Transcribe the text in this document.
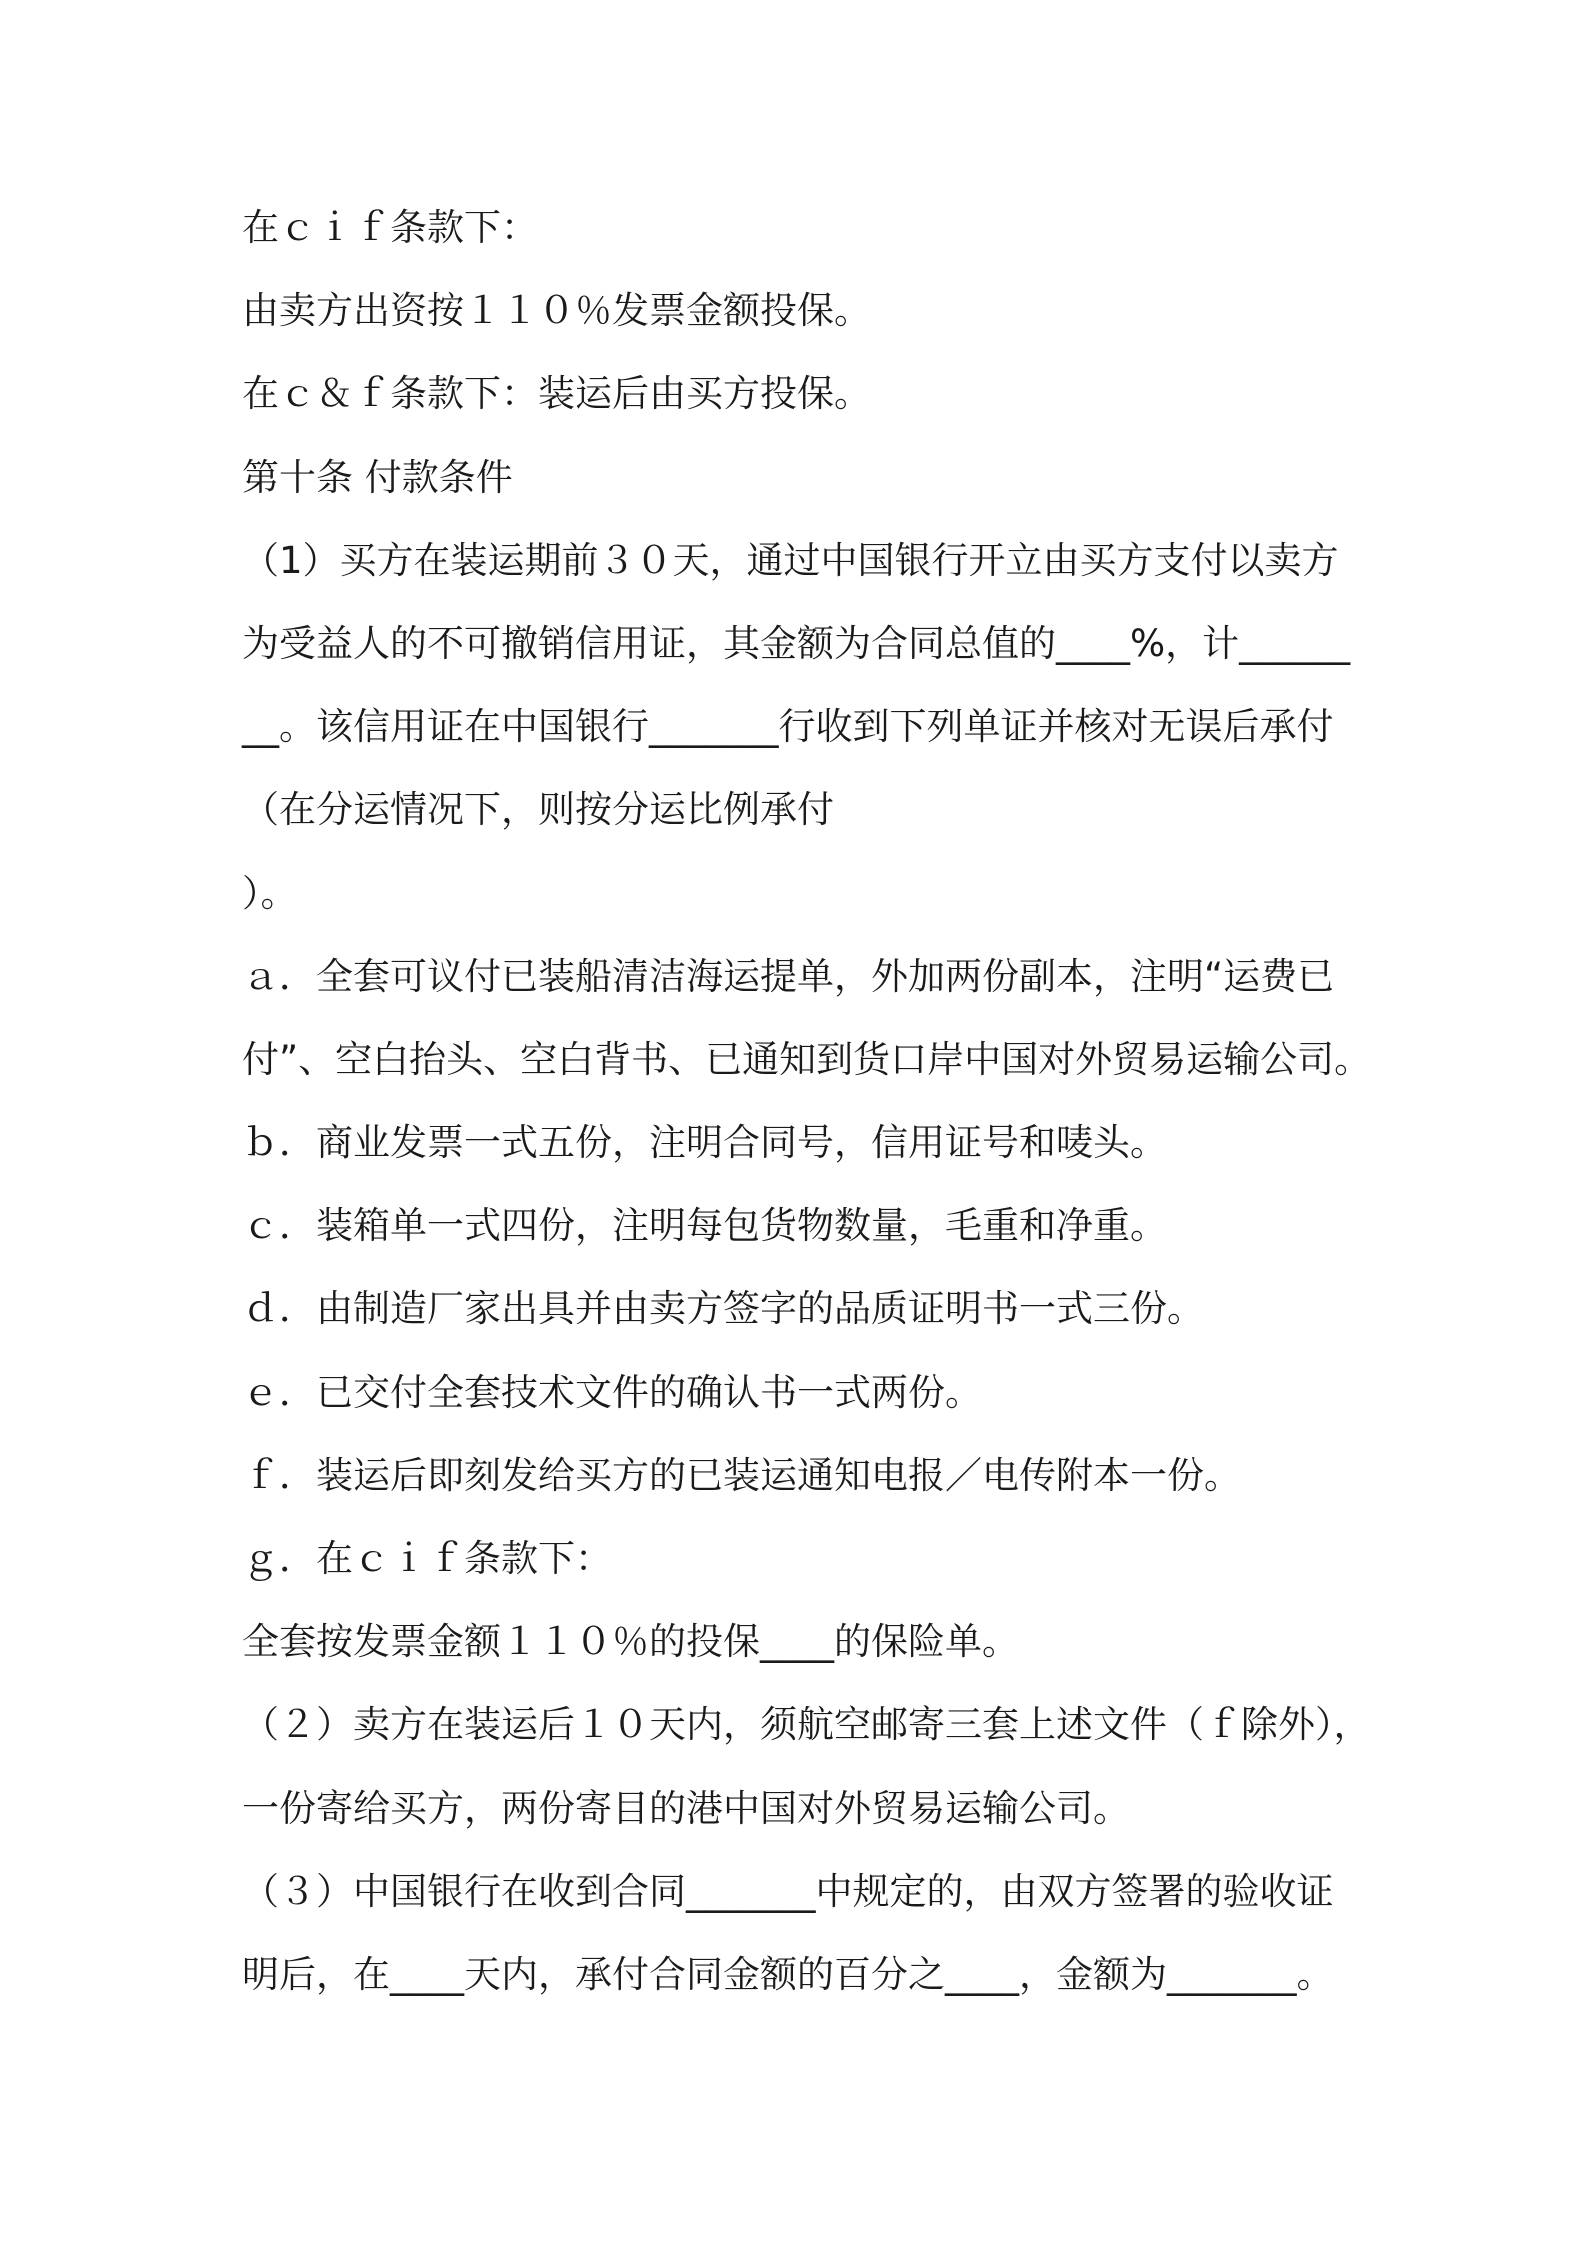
在ｃｉｆ条款下：
由卖方出资按１１０％发票金额投保。
在ｃ＆ｆ条款下：装运后由买方投保。
第十条 付款条件
（1）买方在装运期前３０天，通过中国银行开立由买方支付以卖方
为受益人的不可撤销信用证，其金额为合同总值的____%，计______
__。该信用证在中国银行_______行收到下列单证并核对无误后承付
（在分运情况下，则按分运比例承付
）。
ａ．全套可议付已装船清洁海运提单，外加两份副本，注明“运费已
付”、空白抬头、空白背书、已通知到货口岸中国对外贸易运输公司。
ｂ．商业发票一式五份，注明合同号，信用证号和唛头。
ｃ．装箱单一式四份，注明每包货物数量，毛重和净重。
ｄ．由制造厂家出具并由卖方签字的品质证明书一式三份。
ｅ．已交付全套技术文件的确认书一式两份。
ｆ．装运后即刻发给买方的已装运通知电报／电传附本一份。
ｇ．在ｃｉｆ条款下：
全套按发票金额１１０％的投保____的保险单。
（２）卖方在装运后１０天内，须航空邮寄三套上述文件（ｆ除外），
一份寄给买方，两份寄目的港中国对外贸易运输公司。
（３）中国银行在收到合同_______中规定的，由双方签署的验收证
明后，在____天内，承付合同金额的百分之____，金额为_______。
